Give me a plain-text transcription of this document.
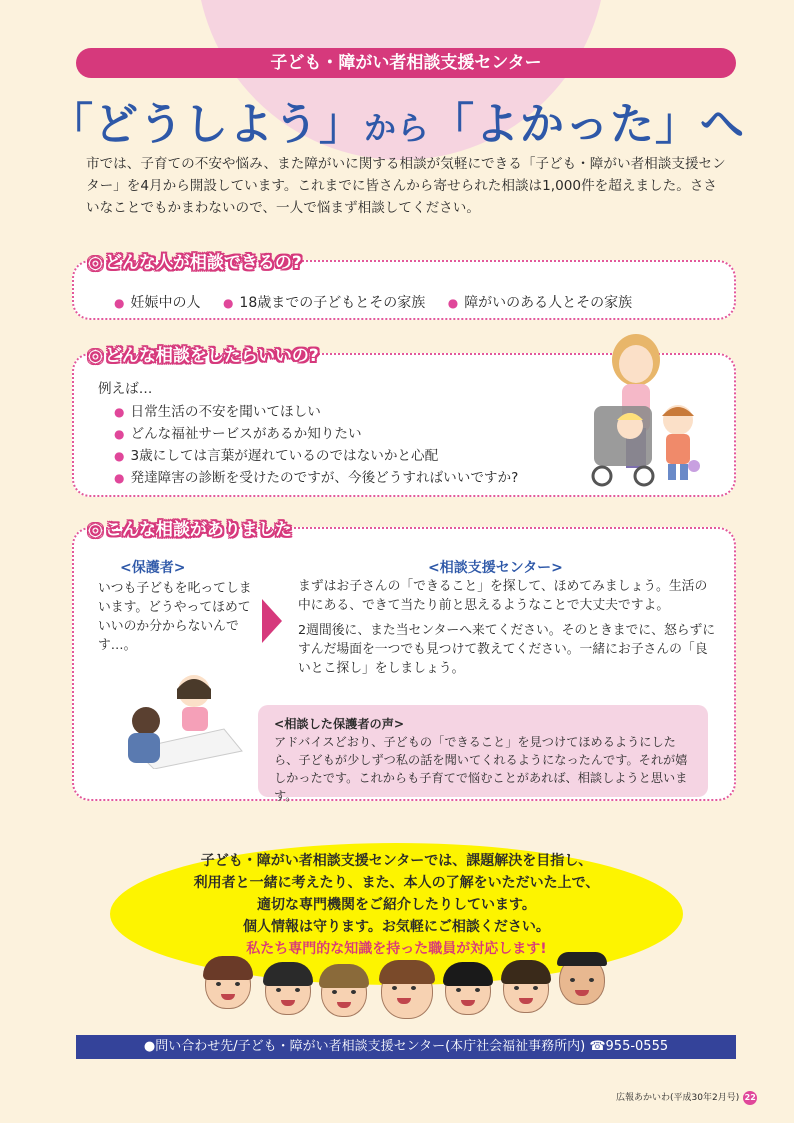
子ども・障がい者相談支援センター
「どうしよう」から「よかった」へ
市では、子育ての不安や悩み、また障がいに関する相談が気軽にできる「子ども・障がい者相談支援センター」を4月から開設しています。これまでに皆さんから寄せられた相談は1,000件を超えました。ささいなことでもかまわないので、一人で悩まず相談してください。
◎ どんな人が相談できるの?
● 妊娠中の人 ● 18歳までの子どもとその家族 ● 障がいのある人とその家族
◎ どんな相談をしたらいいの?
例えば…
● 日常生活の不安を聞いてほしい
● どんな福祉サービスがあるか知りたい
● 3歳にしては言葉が遅れているのではないかと心配
● 発達障害の診断を受けたのですが、今後どうすればいいですか?
◎ こんな相談がありました
<保護者>
いつも子どもを叱ってしまいます。どうやってほめていいのか分からないんです…。
<相談支援センター>

まずはお子さんの「できること」を探して、ほめてみましょう。生活の中にある、できて当たり前と思えるようなことで大丈夫ですよ。

2週間後に、また当センターへ来てください。そのときまでに、怒らずにすんだ場面を一つでも見つけて教えてください。一緒にお子さんの「良いとこ探し」をしましょう。

<相談した保護者の声>
アドバイスどおり、子どもの「できること」を見つけてほめるようにしたら、子どもが少しずつ私の話を聞いてくれるようになったんです。それが嬉しかったです。これからも子育てで悩むことがあれば、相談しようと思います。
子ども・障がい者相談支援センターでは、課題解決を目指し、
利用者と一緒に考えたり、また、本人の了解をいただいた上で、
適切な専門機関をご紹介したりしています。
個人情報は守ります。お気軽にご相談ください。
私たち専門的な知識を持った職員が対応します!
●問い合わせ先/子ども・障がい者相談支援センター(本庁社会福祉事務所内) ☎955-0555
広報あかいわ(平成30年2月号) 22
